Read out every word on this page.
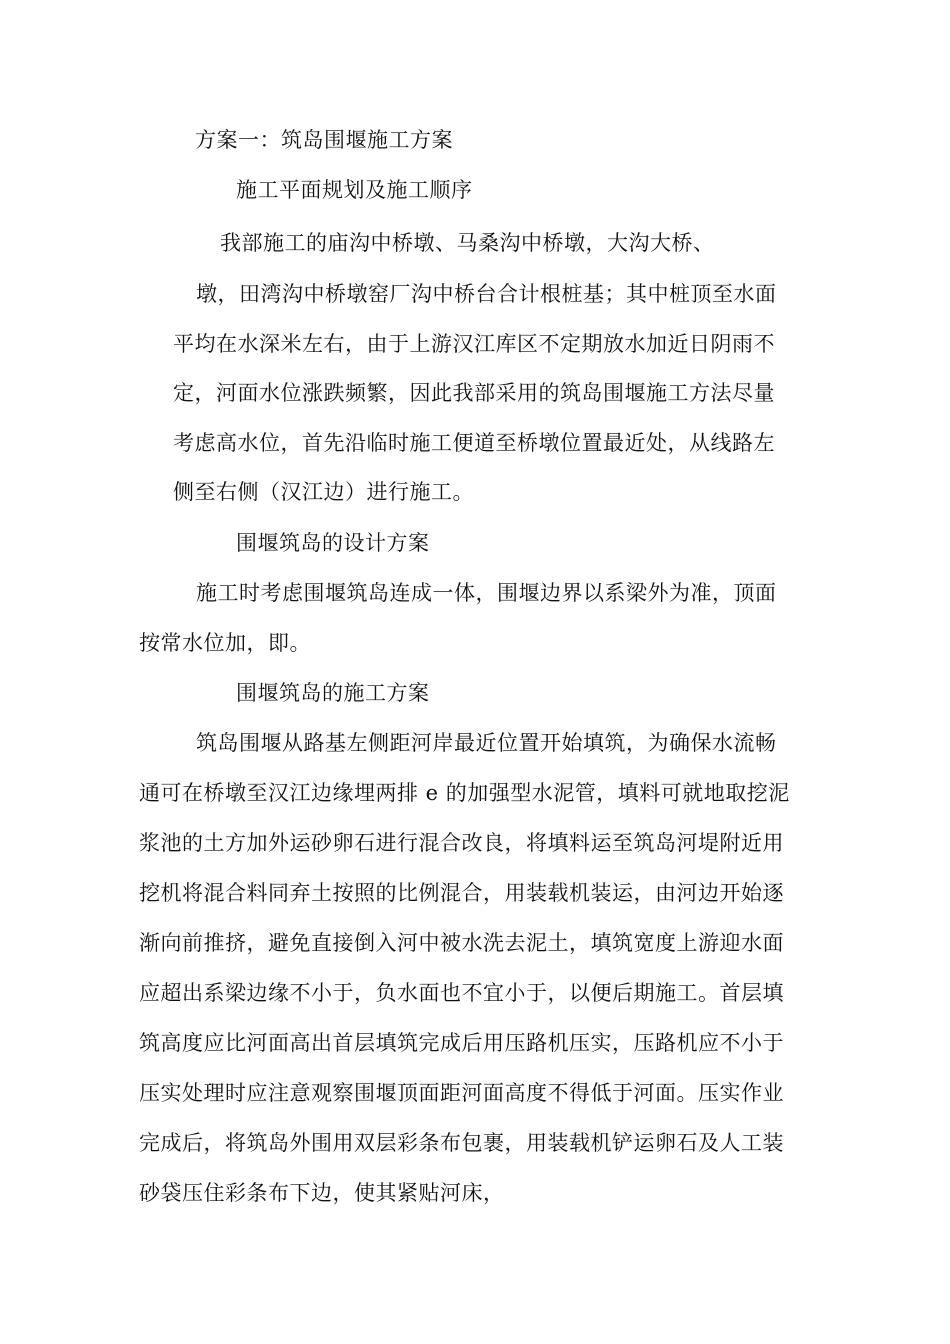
方案一：筑岛围堰施工方案
施工平面规划及施工顺序
我部施工的庙沟中桥墩、马桑沟中桥墩，大沟大桥、
墩，田湾沟中桥墩窑厂沟中桥台合计根桩基；其中桩顶至水面
平均在水深米左右，由于上游汉江库区不定期放水加近日阴雨不
定，河面水位涨跌频繁，因此我部采用的筑岛围堰施工方法尽量
考虑高水位，首先沿临时施工便道至桥墩位置最近处，从线路左
侧至右侧（汉江边）进行施工。
围堰筑岛的设计方案
施工时考虑围堰筑岛连成一体，围堰边界以系梁外为准，顶面
按常水位加，即。
围堰筑岛的施工方案
筑岛围堰从路基左侧距河岸最近位置开始填筑，为确保水流畅
通可在桥墩至汉江边缘埋两排 e 的加强型水泥管，填料可就地取挖泥
浆池的土方加外运砂卵石进行混合改良，将填料运至筑岛河堤附近用
挖机将混合料同弃土按照的比例混合，用装载机装运，由河边开始逐
渐向前推挤，避免直接倒入河中被水洗去泥土，填筑宽度上游迎水面
应超出系梁边缘不小于，负水面也不宜小于，以便后期施工。首层填
筑高度应比河面高出首层填筑完成后用压路机压实，压路机应不小于
压实处理时应注意观察围堰顶面距河面高度不得低于河面。压实作业
完成后，将筑岛外围用双层彩条布包裹，用装载机铲运卵石及人工装
砂袋压住彩条布下边，使其紧贴河床，
